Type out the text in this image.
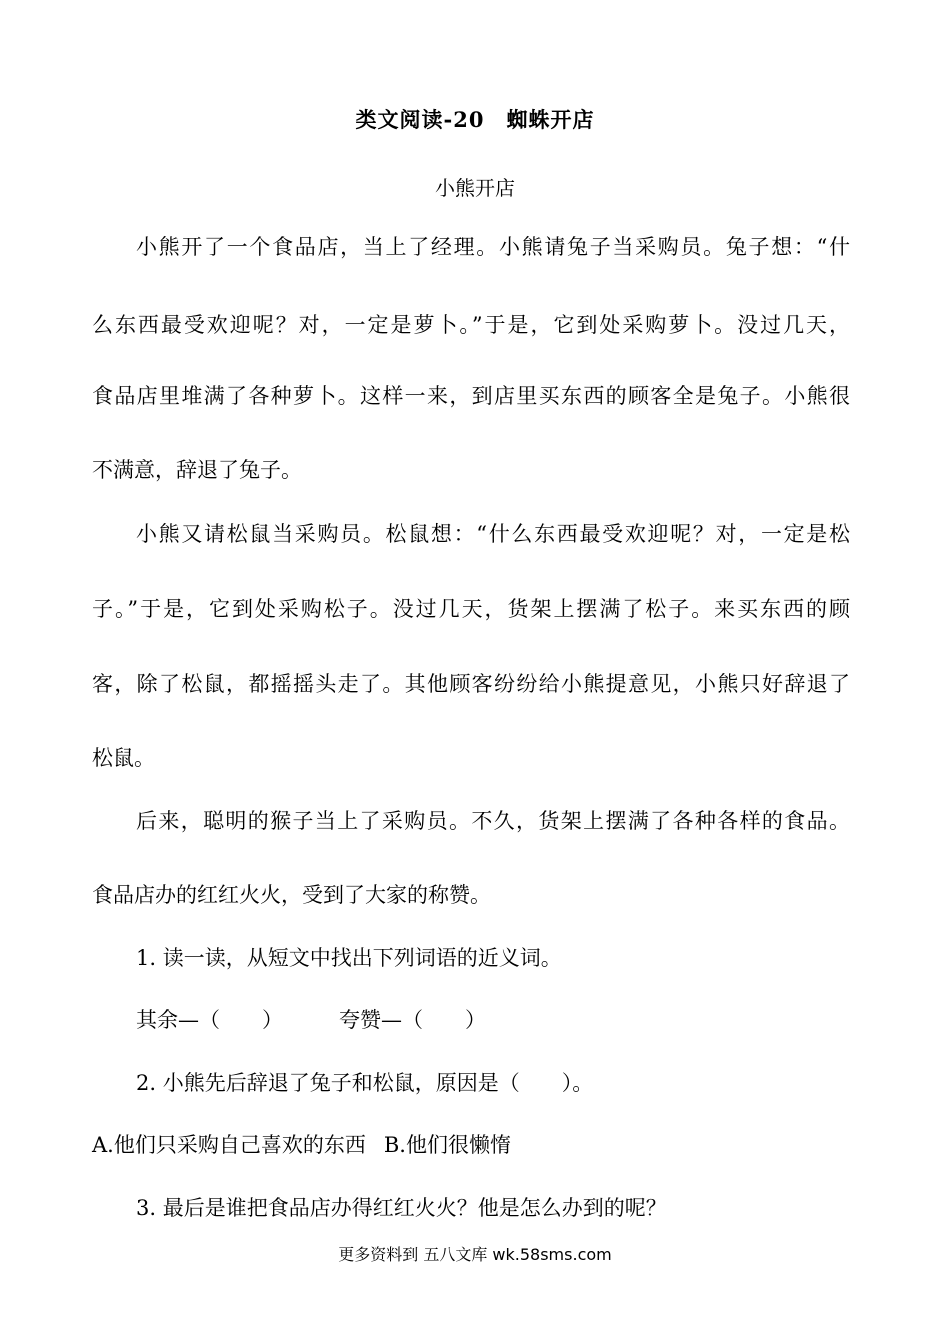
类文阅读-20　蜘蛛开店
小熊开店
小熊开了一个食品店，当上了经理。小熊请兔子当采购员。兔子想：“什
么东西最受欢迎呢？对，一定是萝卜。”于是，它到处采购萝卜。没过几天，
食品店里堆满了各种萝卜。这样一来，到店里买东西的顾客全是兔子。小熊很
不满意，辞退了兔子。
小熊又请松鼠当采购员。松鼠想：“什么东西最受欢迎呢？对，一定是松
子。”于是，它到处采购松子。没过几天，货架上摆满了松子。来买东西的顾
客，除了松鼠，都摇摇头走了。其他顾客纷纷给小熊提意见，小熊只好辞退了
松鼠。
后来，聪明的猴子当上了采购员。不久，货架上摆满了各种各样的食品。
食品店办的红红火火，受到了大家的称赞。
1. 读一读，从短文中找出下列词语的近义词。
其余—（　　）	夸赞—（　　）
2. 小熊先后辞退了兔子和松鼠，原因是（　　）。
A.他们只采购自己喜欢的东西 B.他们很懒惰
3. 最后是谁把食品店办得红红火火？他是怎么办到的呢？
更多资料到 五八文库 wk.58sms.com
